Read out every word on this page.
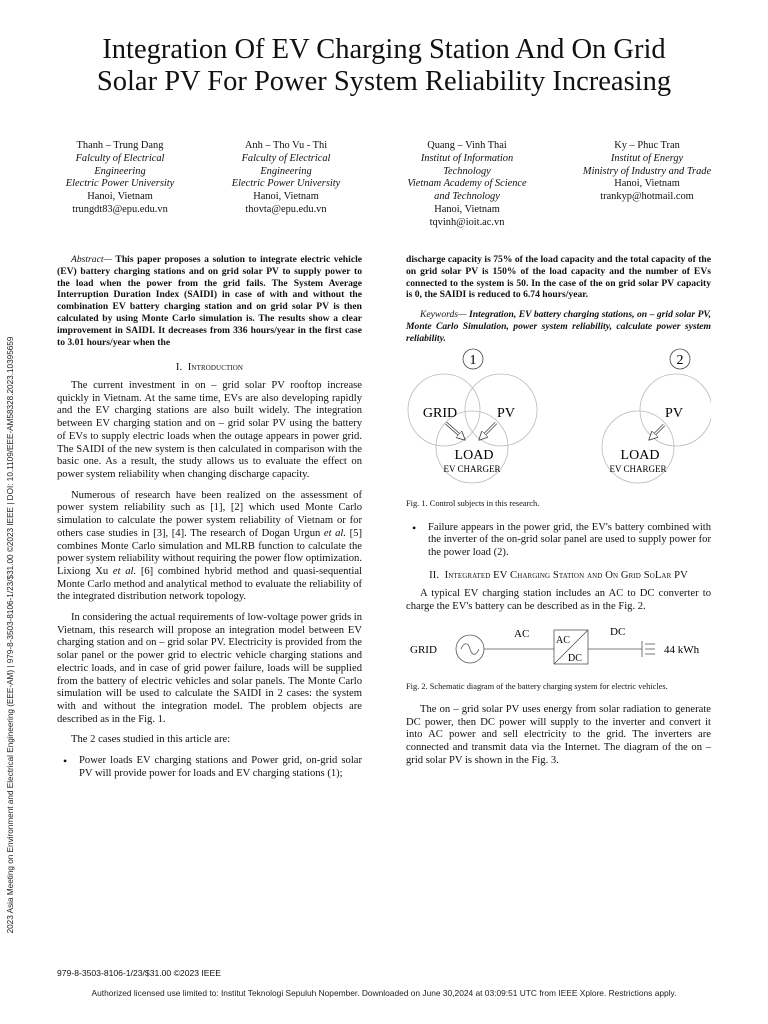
2023 Asia Meeting on Environment and Electrical Engineering (EEE-AM) | 979-8-3503-8106-1/23/$31.00 ©2023 IEEE | DOI: 10.1109/EEE-AM58328.2023.10395659
Integration Of EV Charging Station And On Grid
Solar PV For Power System Reliability Increasing
Thanh – Trung Dang
Falculty of Electrical
Engineering
Electric Power University
Hanoi, Vietnam
trungdt83@epu.edu.vn
Anh – Tho Vu - Thi
Falculty of Electrical
Engineering
Electric Power University
Hanoi, Vietnam
thovta@epu.edu.vn
Quang – Vinh Thai
Institut of Information
Technology
Vietnam Academy of Science
and Technology
Hanoi, Vietnam
tqvinh@ioit.ac.vn
Ky – Phuc Tran
Institut of Energy
Ministry of Industry and Trade
Hanoi, Vietnam
trankyp@hotmail.com

Abstract— This paper proposes a solution to integrate electric vehicle (EV) battery charging stations and on grid solar PV to supply power to the load when the power from the grid fails. The System Average Interruption Duration Index (SAIDI) in case of with and without the combination EV battery charging station and on grid solar PV is then calculated by using Monte Carlo simulation is. The results show a clear improvement in SAIDI. It decreases from 336 hours/year in the first case to 3.01 hours/year when the

I. Introduction

The current investment in on – grid solar PV rooftop increase quickly in Vietnam. At the same time, EVs are also developing rapidly and the EV charging stations are also built widely. The integration between EV charging station and on – grid solar PV using the battery of EVs to supply electric loads when the outage appears in power grid. The SAIDI of the new system is then calculated in comparison with the basic one. As a result, the study allows us to evaluate the effect on power system reliability when changing discharge capacity.

Numerous of research have been realized on the assessment of power system reliability such as [1], [2] which used Monte Carlo simulation to calculate the power system reliability of Vietnam or for others case studies in [3], [4]. The research of Dogan Urgun et al. [5] combines Monte Carlo simulation and MLRB function to calculate the power system reliability without requiring the power flow optimization. Lixiong Xu et al. [6] combined hybrid method and quasi-sequential Monte Carlo method and analytical method to evaluate the reliability of the integrated distribution network topology.

In considering the actual requirements of low-voltage power grids in Vietnam, this research will propose an integration model between EV charging station and on – grid solar PV. Electricity is provided from the solar panel or the power grid to electric vehicle charging stations and electric loads, and in case of grid power failure, loads will be supplied from the battery of electric vehicles and solar panels. The Monte Carlo simulation will be used to calculate the SAIDI in 2 cases: the system with and without the integration model. The problem objects are described as in the Fig. 1.

The 2 cases studied in this article are:

• Power loads EV charging stations and Power grid, on-grid solar PV will provide power for loads and EV charging stations (1);

discharge capacity is 75% of the load capacity and the total capacity of the on grid solar PV is 150% of the load capacity and the number of EVs connected to the system is 50. In the case of the on grid solar PV capacity is 0, the SAIDI is reduced to 6.74 hours/year.

Keywords— Integration, EV battery charging stations, on – grid solar PV, Monte Carlo Simulation, power system reliability, calculate power system reliability.

1
GRID	PV
LOAD
EV CHARGER
2
PV
LOAD
EV CHARGER

Fig. 1. Control subjects in this research.

• Failure appears in the power grid, the EV's battery combined with the inverter of the on-grid solar panel are used to supply power for the power load (2).

II. Integrated EV Charging Station and On Grid SoLar PV

A typical EV charging station includes an AC to DC converter to charge the EV's battery can be described as in the Fig. 2.

GRID
AC
AC
DC
DC
44 kWh

Fig. 2. Schematic diagram of the battery charging system for electric vehicles.

The on – grid solar PV uses energy from solar radiation to generate DC power, then DC power will supply to the inverter and convert it into AC power and sell electricity to the grid. The inverters are connected and transmit data via the Internet. The diagram of the on – grid solar PV is shown in the Fig. 3.

979-8-3503-8106-1/23/$31.00 ©2023 IEEE
Authorized licensed use limited to: Institut Teknologi Sepuluh Nopember. Downloaded on June 30,2024 at 03:09:51 UTC from IEEE Xplore. Restrictions apply.
